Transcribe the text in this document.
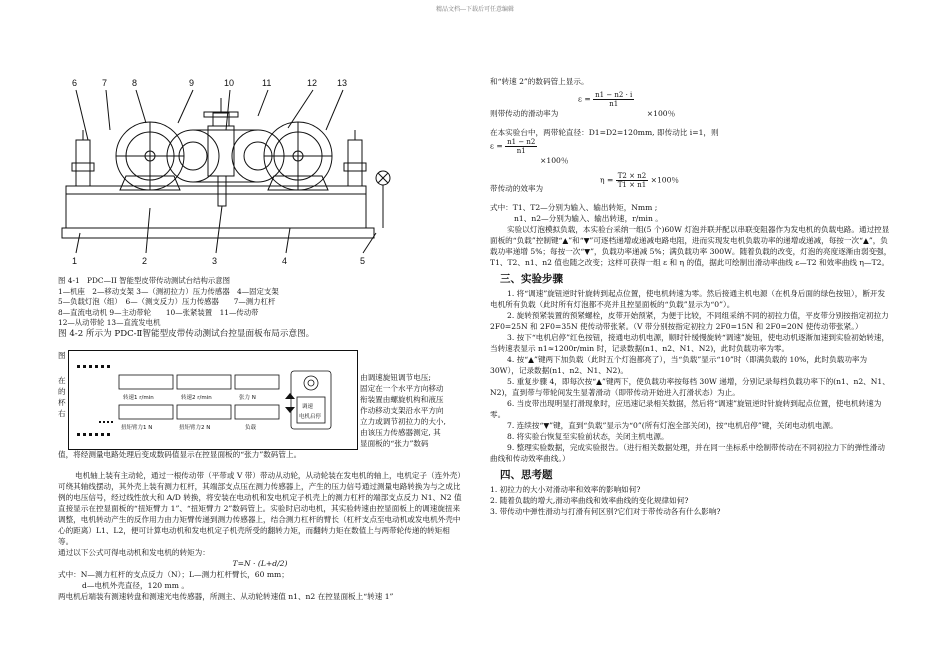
精品文档---下载后可任意编辑
6	7	8	9	10	11	12 13
1	2	3	4	5

图 4-1　PDC—II 智能型皮带传动测试台结构示意图

1—机座　2—移动支架 3—（测初拉力）压力传感器　4—固定支架

5—负载灯泡（组）　6—（测支反力）压力传感器　　7—测力杠杆

8—直流电动机 9—主动带轮　　10—张紧装置　11—传动带

12—从动带轮 13—直流发电机

图 4-2 所示为 PDC-Ⅱ智能型皮带传动测试台控显面板布局示意图。

图

在

的

杯

右

转速1 r/min	转速2 r/min	张力 N
扭矩臂力1 N	扭矩臂力2 N	负载
调速
电机启停

由调速旋钮调节电压;

固定在一个水平方向移动

衔装置由螺旋机构和液压

作动移动支架沿水平方向

立力或调节初拉力的大小,

由该压力传感器测定, 其

显面板的“张力”数码

值，将经测量电路处理后变成数码值显示在控显面板的“张力”数码管上。

电机轴上装有主动轮，通过一根传动带（平带或 V 带）带动从动轮，从动轮装在发电机的轴上，电机定子（连外壳）可绕其轴线摆动，其外壳上装有测力杠杆，其端部支点压在测力传感器上，产生的压力信号通过测量电路转换为与之成比例的电压信号，经过线性放大和 A/D 转换，将安装在电动机和发电机定子机壳上的测力杠杆的端部支点反力 N1、N2 值直接显示在控显面板的“扭矩臂力 1”、“扭矩臂力 2”数码管上。实验时启动电机，其实验转速由控显面板上的调速旋扭来调整，电机转动产生的反作用力由力矩臂传递到测力传感器上，结合测力杠杆的臂长（杠杆支点至电动机或发电机外壳中心的距离）L1、L2，便可计算电动机和发电机定子机壳所受的翻转力矩，而翻转力矩在数值上与两带轮传递的转矩相等。

通过以下公式可得电动机和发电机的转矩为：

T=N · (L+d/2)

式中：N—测力杠杆的支点反力（N）；L—测力杠杆臂长，60 mm；

d—电机外壳直径，120 mm 。

两电机后端装有测速转盘和测速光电传感器，所测主、从动轮转速值 n1、n2 在控显面板上“转速 1”

和“转速 2”的数码管上显示。

$\varepsilon = \frac{n1 - n2 \cdot i}{n1}$

则带传动的滑动率为	×100％

在本实验台中，两带轮直径：D1=D2=120mm, 即传动比 i=1，则

$\varepsilon = \frac{n1 - n2}{n1}$

×100％

$\eta = \frac{T2 \times n2}{T1 \times n1} \times 100$％

带传动的效率为

式中：T1、T2—分别为输入、输出转矩，Nmm ;

n1、n2—分别为输入、输出转速，r/min 。

实验以灯泡模拟负载，本实验台采纳一组(5 个)60W 灯泡并联并配以串联变阻器作为发电机的负载电路。通过控显面板的“负载”控制键“▲”和“▼”可逐档递增或递减电路电阻，进而实现发电机负载功率的递增或递减，每按一次“▲”，负载功率递增 5%；每按一次“▼”，负载功率递减 5%；满负载功率 300W。随着负载的改变，灯泡的亮度逐渐由弱变强，T1、T2、n1、n2 值也随之改变；这样可获得一组 ε 和 η 的值，据此可绘制出滑动率曲线 ε—T2 和效率曲线 η—T2。

三、实验步骤

1. 将“调速”旋钮逆时针旋转到起点位置，使电机转速为零。然后接通主机电源（在机身后面的绿色按钮），断开发电机所有负载（此时所有灯泡都不亮并且控显面板的“负载”显示为“0”）。

2. 旋转预紧装置的预紧螺栓，皮带开始预紧，为便于比较，不同组采纳不同的初拉力值，平皮带分别按指定初拉力 2F0=25N 和 2F0=35N 使传动带张紧。（V 带分别按指定初拉力 2F0=15N 和 2F0=20N 使传动带张紧。）

3. 按下“电机启停”红色按钮，接通电动机电源，顺时针缓慢旋转“调速”旋钮，使电动机逐渐加速到实验初始转速，当转速表显示 n1≈1200r/min 时，记录数据(n1、n2、N1、N2)，此时负载功率为零。

4. 按“▲”键两下加负载（此时五个灯泡都亮了），当“负载”显示“10”时（即满负载的 10%，此时负载功率为 30W），记录数据(n1、n2、N1、N2)。

5. 重复步骤 4，即每次按“▲”键两下，使负载功率按每档 30W 递增，分别记录每档负载功率下的(n1、n2、N1、N2)，直到带与带轮间发生显著滑动（即带传动开始进入打滑状态）为止。

6. 当皮带出现明显打滑现象时，应迅速记录相关数据，然后将“调速”旋钮逆时针旋转到起点位置，使电机转速为零。

7. 连续按“▼”键，直到“负载”显示为“0”(所有灯泡全部关闭)，按“电机启停”键，关闭电动机电源。

8. 将实验台恢复至实验前状态，关闭主机电源。

9. 整理实验数据，完成实验报告。（进行相关数据处理，并在同一坐标系中绘制带传动在不同初拉力下的弹性滑动曲线和传动效率曲线。）

四、思考题

1. 初拉力的大小对滑动率和效率的影响如何?
2. 随着负载的增大,滑动率曲线和效率曲线的变化规律如何?
3. 带传动中弹性滑动与打滑有何区别?它们对于带传动各有什么影响?
